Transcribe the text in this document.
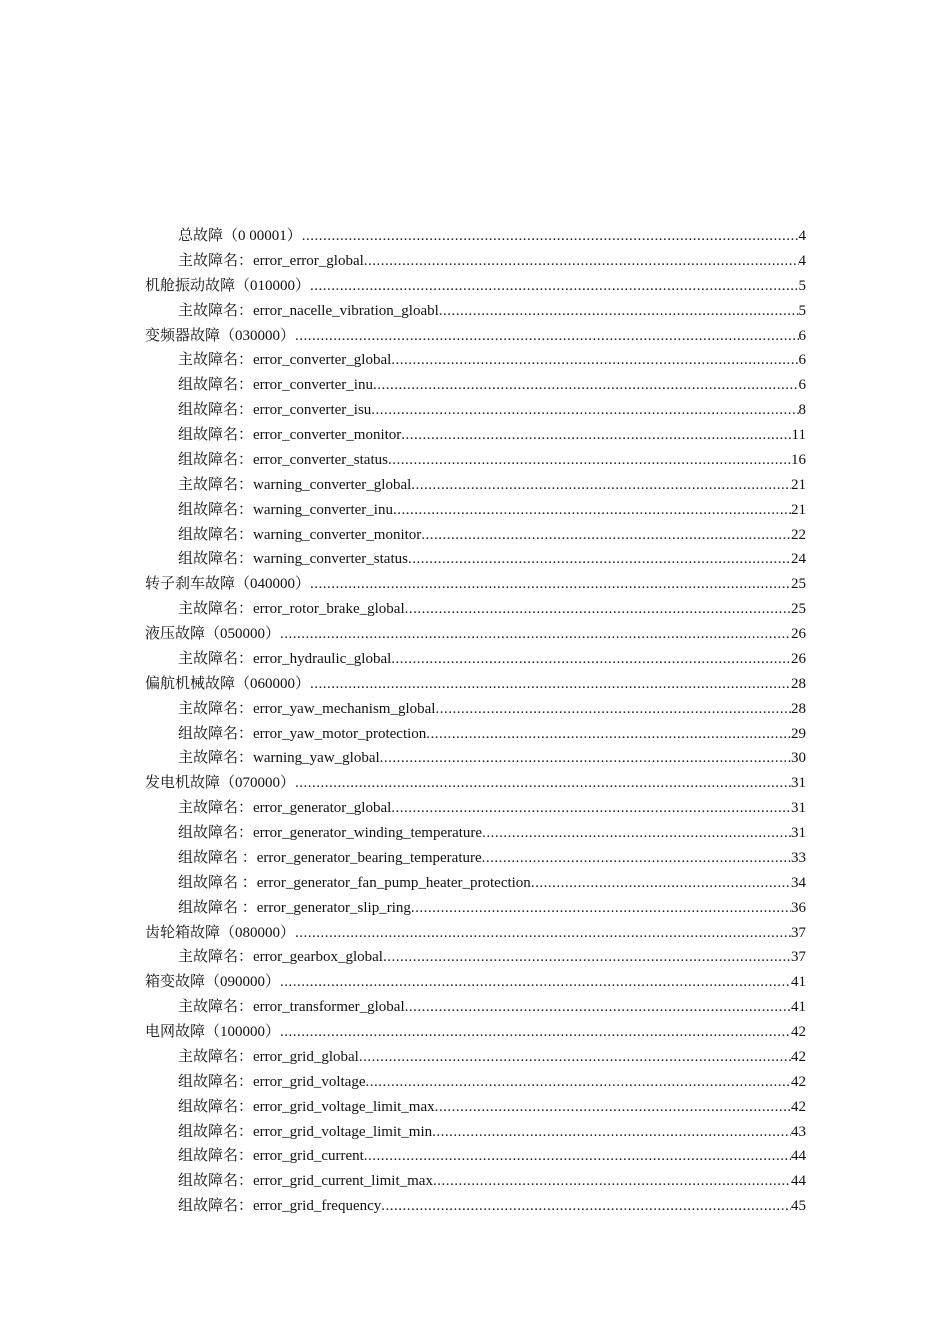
总故障（0 00001） .....	4
主故障名： error_error_global .....	4
机舱振动故障（010000） .....	5
主故障名： error_nacelle_vibration_gloabl .....	5
变频器故障（030000） .....	6
主故障名： error_converter_global .....	6
组故障名： error_converter_inu .....	6
组故障名： error_converter_isu .....	8
组故障名： error_converter_monitor .....	11
组故障名： error_converter_status .....	16
主故障名： warning_converter_global .....	21
组故障名： warning_converter_inu .....	21
组故障名： warning_converter_monitor .....	22
组故障名： warning_converter_status .....	24
转子刹车故障（040000） .....	25
主故障名： error_rotor_brake_global .....	25
液压故障（050000） .....	26
主故障名： error_hydraulic_global .....	26
偏航机械故障（060000） .....	28
主故障名： error_yaw_mechanism_global .....	28
组故障名： error_yaw_motor_protection .....	29
主故障名： warning_yaw_global .....	30
发电机故障（070000） .....	31
主故障名： error_generator_global .....	31
组故障名： error_generator_winding_temperature .....	31
组故障名 ： error_generator_bearing_temperature .....	33
组故障名 ： error_generator_fan_pump_heater_protection .....	34
组故障名 ： error_generator_slip_ring .....	36
齿轮箱故障（080000） .....	37
主故障名： error_gearbox_global .....	37
箱变故障（090000） .....	41
主故障名： error_transformer_global .....	41
电网故障（100000） .....	42
主故障名： error_grid_global .....	42
组故障名： error_grid_voltage .....	42
组故障名： error_grid_voltage_limit_max .....	42
组故障名： error_grid_voltage_limit_min .....	43
组故障名： error_grid_current .....	44
组故障名： error_grid_current_limit_max .....	44
组故障名： error_grid_frequency .....	45
